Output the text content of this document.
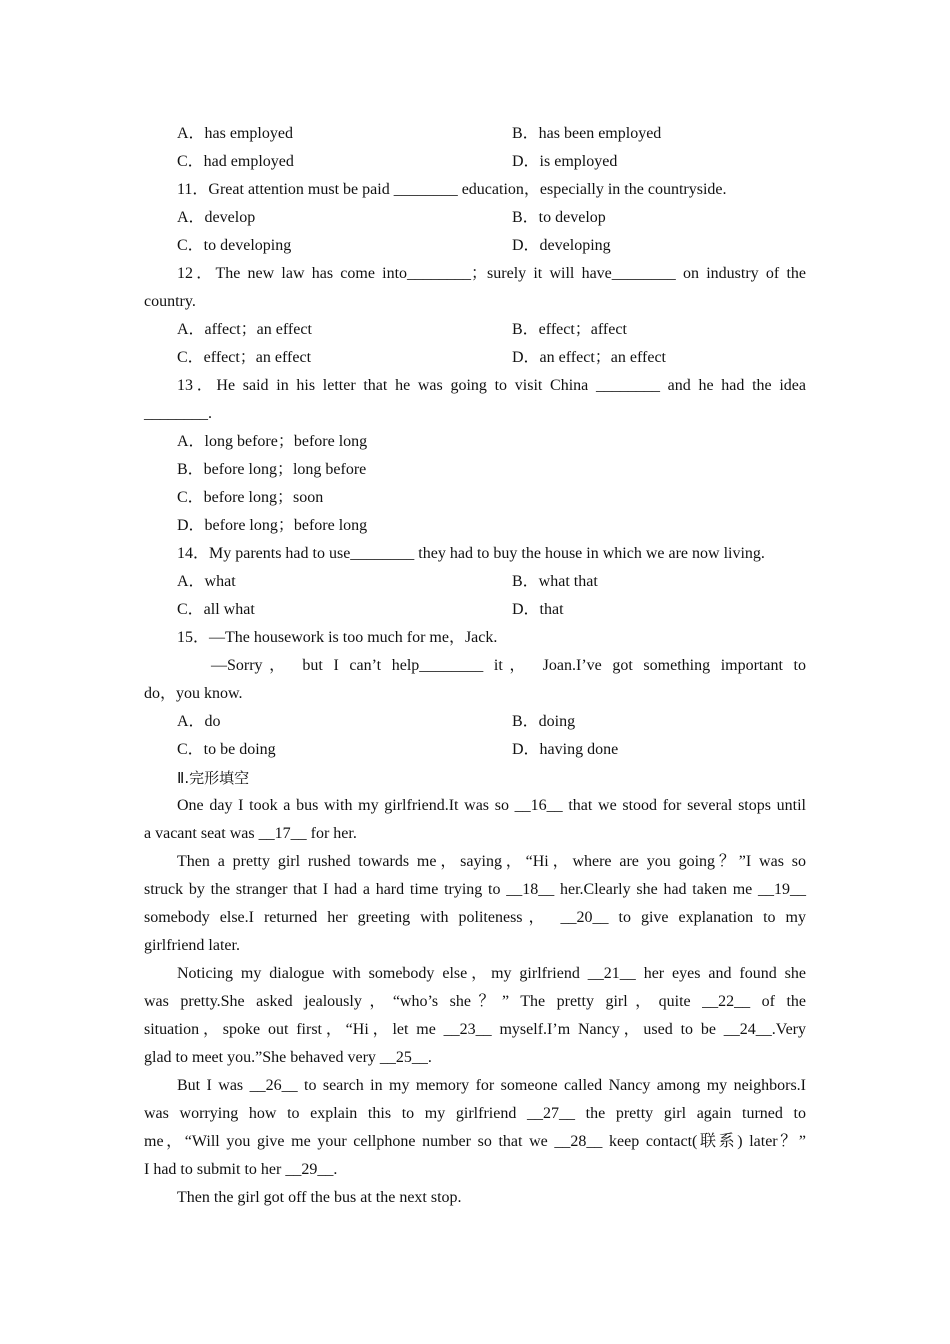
A．has employed	B．has been employed
C．had employed	D．is employed
11．Great attention must be paid ________ education，especially in the countryside.
A．develop	B．to develop
C．to developing	D．developing
12．The new law has come into________；surely it will have________ on industry of the
country.
A．affect；an effect	B．effect；affect
C．effect；an effect	D．an effect；an effect
13．He said in his letter that he was going to visit China ________ and he had the idea
________.
A．long before；before long
B．before long；long before
C．before long；soon
D．before long；before long
14．My parents had to use________ they had to buy the house in which we are now living.
A．what	B．what that
C．all what	D．that
15．—The housework is too much for me，Jack.
—Sorry， but I can’t help________ it， Joan.I’ve got something important to
do，you know.
A．do	B．doing
C．to be doing	D．having done
Ⅱ.完形填空
One day I took a bus with my girlfriend.It was so __16__ that we stood for several stops until
a vacant seat was __17__ for her.
Then a pretty girl rushed towards me，saying，“Hi，where are you going？”I was so
struck by the stranger that I had a hard time trying to __18__ her.Clearly she had taken me __19__
somebody else.I returned her greeting with politeness， __20__ to give explanation to my
girlfriend later.
Noticing my dialogue with somebody else，my girlfriend __21__ her eyes and found she
was pretty.She asked jealously，“who’s she？” The pretty girl，quite __22__ of the
situation，spoke out first，“Hi，let me __23__ myself.I’m Nancy，used to be __24__.Very
glad to meet you.”She behaved very __25__.
But I was __26__ to search in my memory for someone called Nancy among my neighbors.I
was worrying how to explain this to my girlfriend __27__ the pretty girl again turned to
me，“Will you give me your cellphone number so that we __28__ keep contact(联系) later？”
I had to submit to her __29__.
Then the girl got off the bus at the next stop.
